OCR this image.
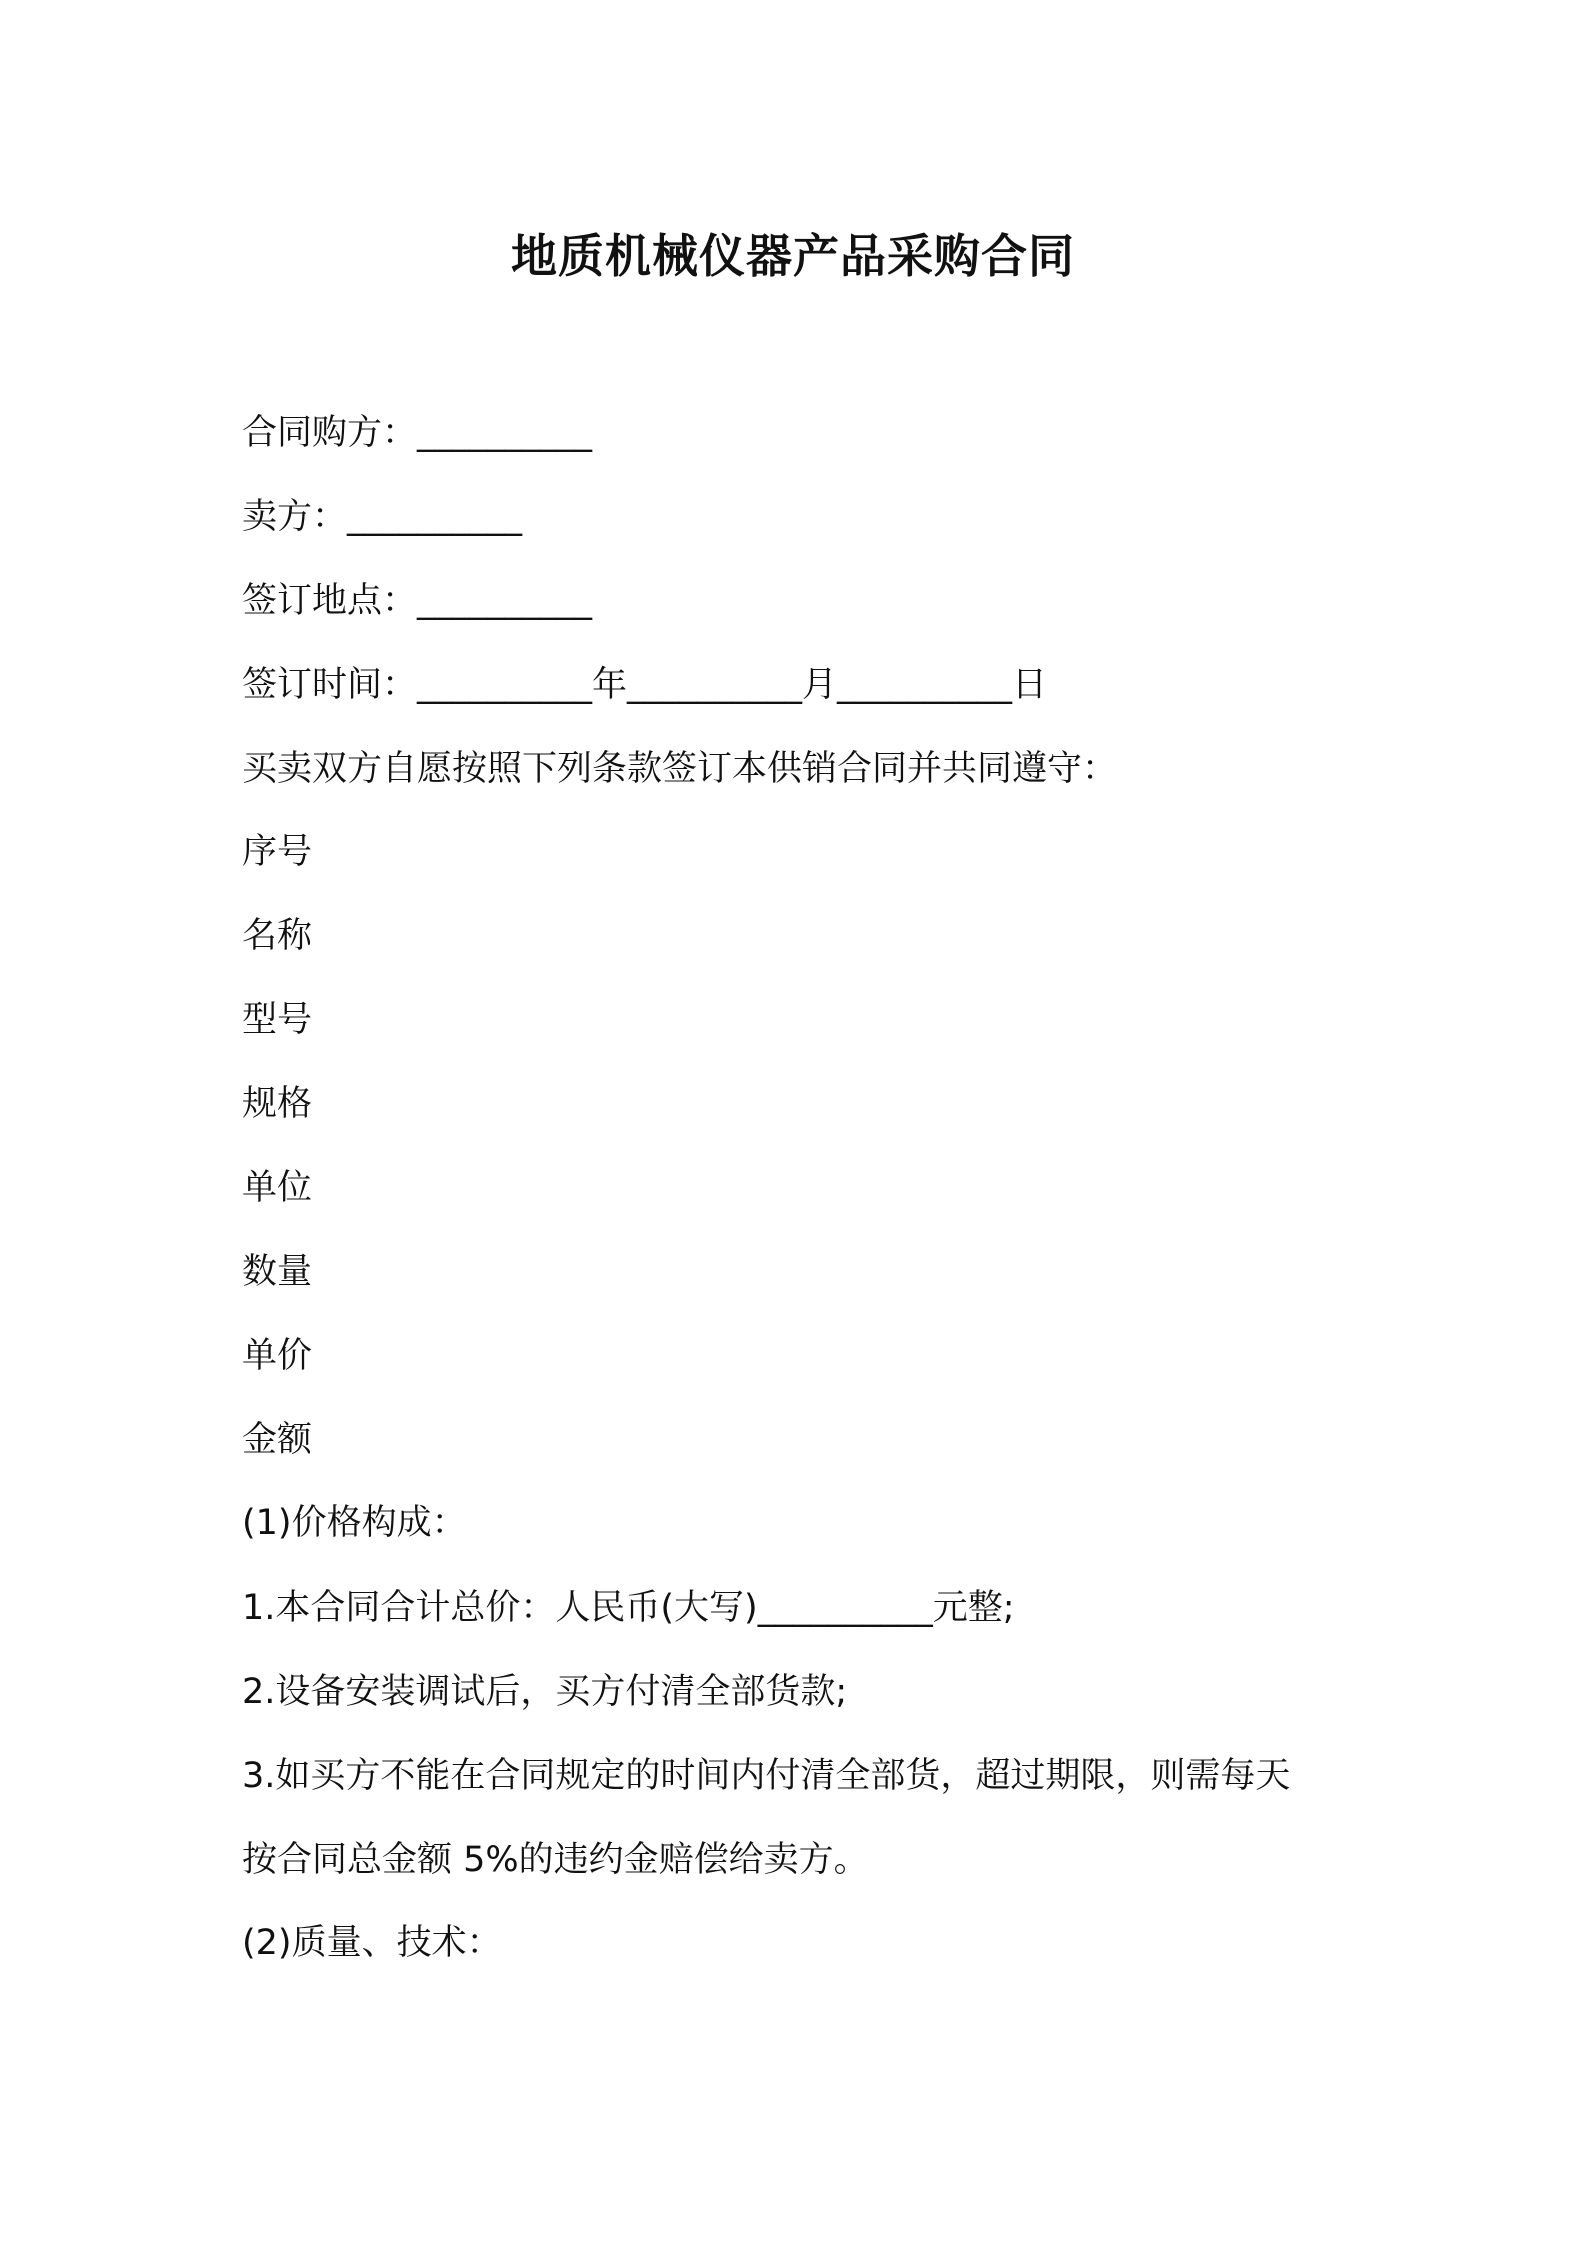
地质机械仪器产品采购合同
合同购方：__________
卖方：__________
签订地点：__________
签订时间：__________年__________月__________日
买卖双方自愿按照下列条款签订本供销合同并共同遵守：
序号
名称
型号
规格
单位
数量
单价
金额
(1)价格构成：
1.本合同合计总价：人民币(大写)__________元整;
2.设备安装调试后，买方付清全部货款;
3.如买方不能在合同规定的时间内付清全部货，超过期限，则需每天
按合同总金额 5%的违约金赔偿给卖方。
(2)质量、技术：
